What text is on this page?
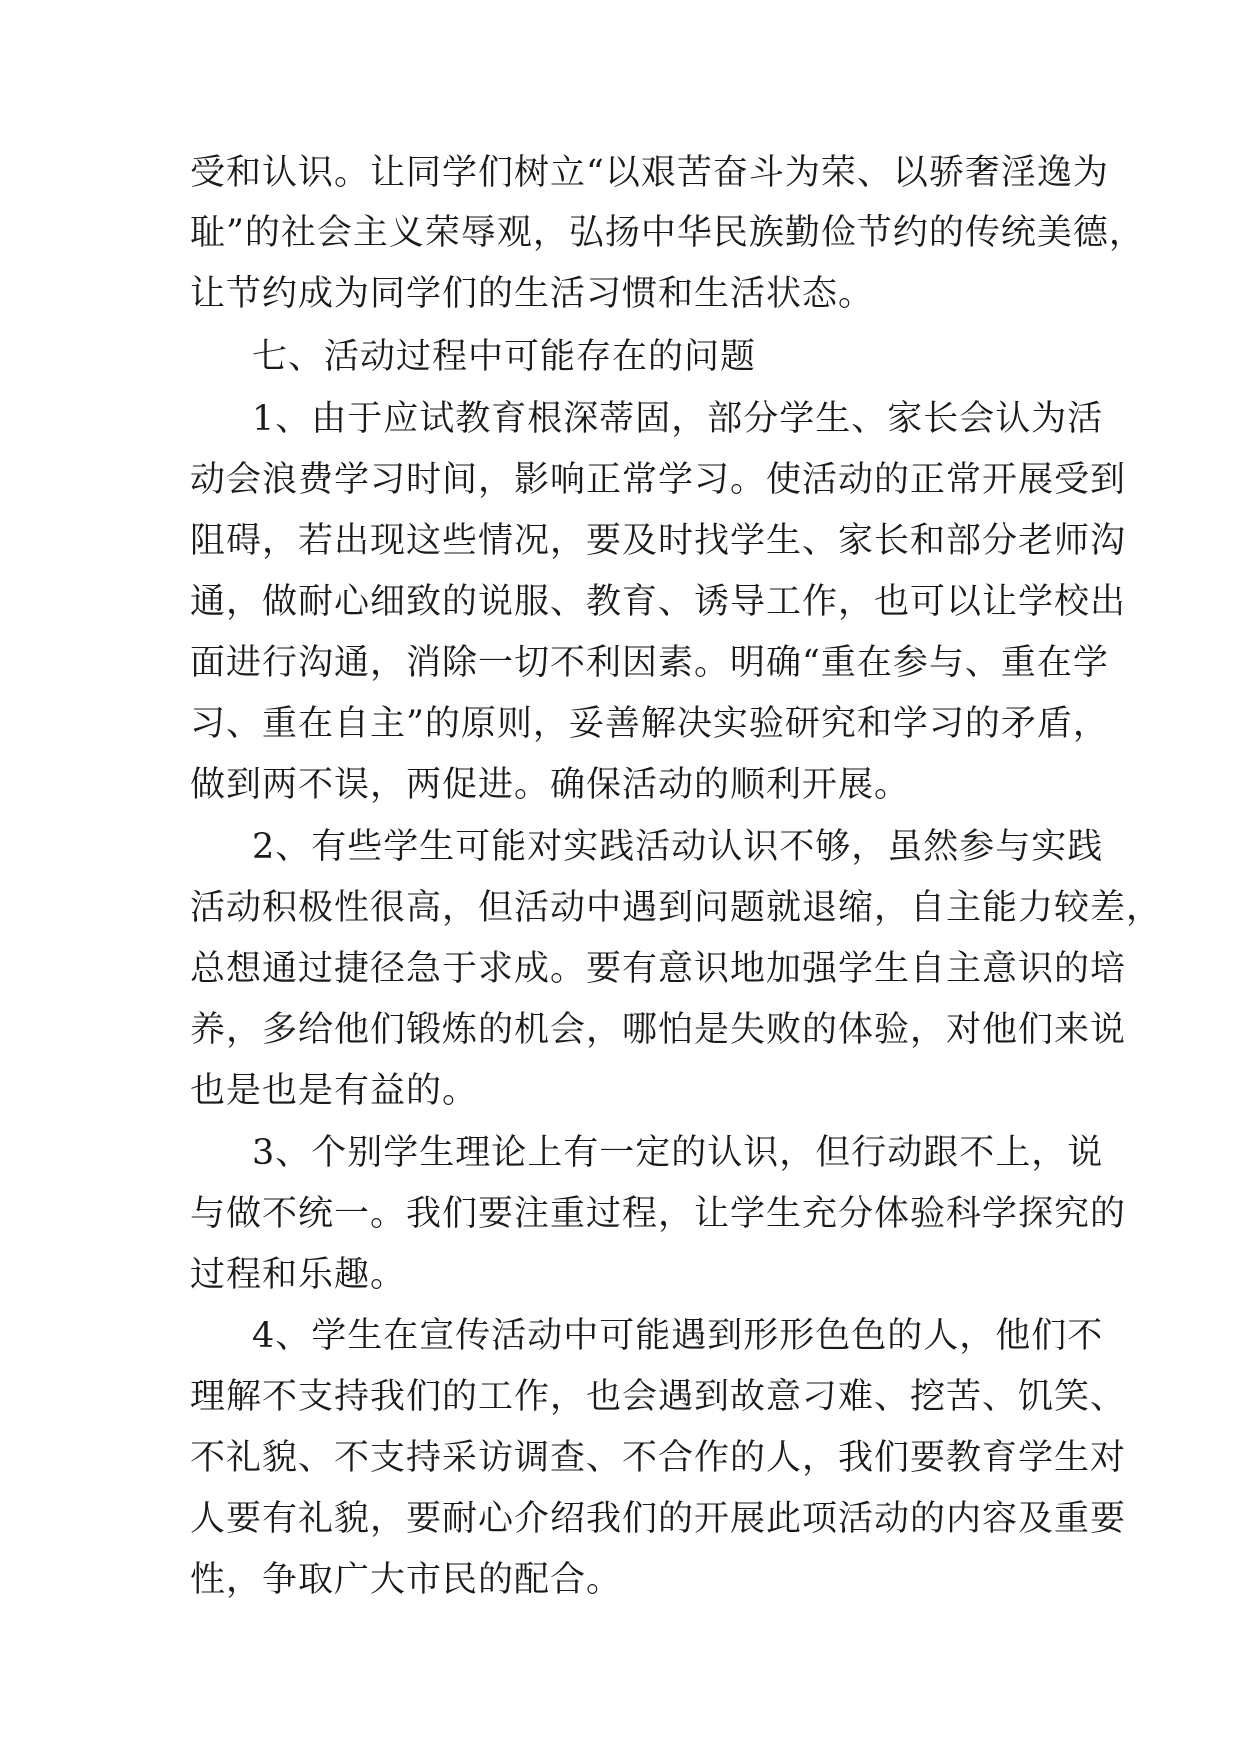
受和认识。让同学们树立“以艰苦奋斗为荣、以骄奢淫逸为
耻”的社会主义荣辱观，弘扬中华民族勤俭节约的传统美德，
让节约成为同学们的生活习惯和生活状态。
七、活动过程中可能存在的问题
1、由于应试教育根深蒂固，部分学生、家长会认为活
动会浪费学习时间，影响正常学习。使活动的正常开展受到
阻碍，若出现这些情况，要及时找学生、家长和部分老师沟
通，做耐心细致的说服、教育、诱导工作，也可以让学校出
面进行沟通，消除一切不利因素。明确“重在参与、重在学
习、重在自主”的原则，妥善解决实验研究和学习的矛盾，
做到两不误，两促进。确保活动的顺利开展。
2、有些学生可能对实践活动认识不够，虽然参与实践
活动积极性很高，但活动中遇到问题就退缩，自主能力较差，
总想通过捷径急于求成。要有意识地加强学生自主意识的培
养，多给他们锻炼的机会，哪怕是失败的体验，对他们来说
也是也是有益的。
3、个别学生理论上有一定的认识，但行动跟不上，说
与做不统一。我们要注重过程，让学生充分体验科学探究的
过程和乐趣。
4、学生在宣传活动中可能遇到形形色色的人，他们不
理解不支持我们的工作，也会遇到故意刁难、挖苦、饥笑、
不礼貌、不支持采访调查、不合作的人，我们要教育学生对
人要有礼貌，要耐心介绍我们的开展此项活动的内容及重要
性，争取广大市民的配合。
